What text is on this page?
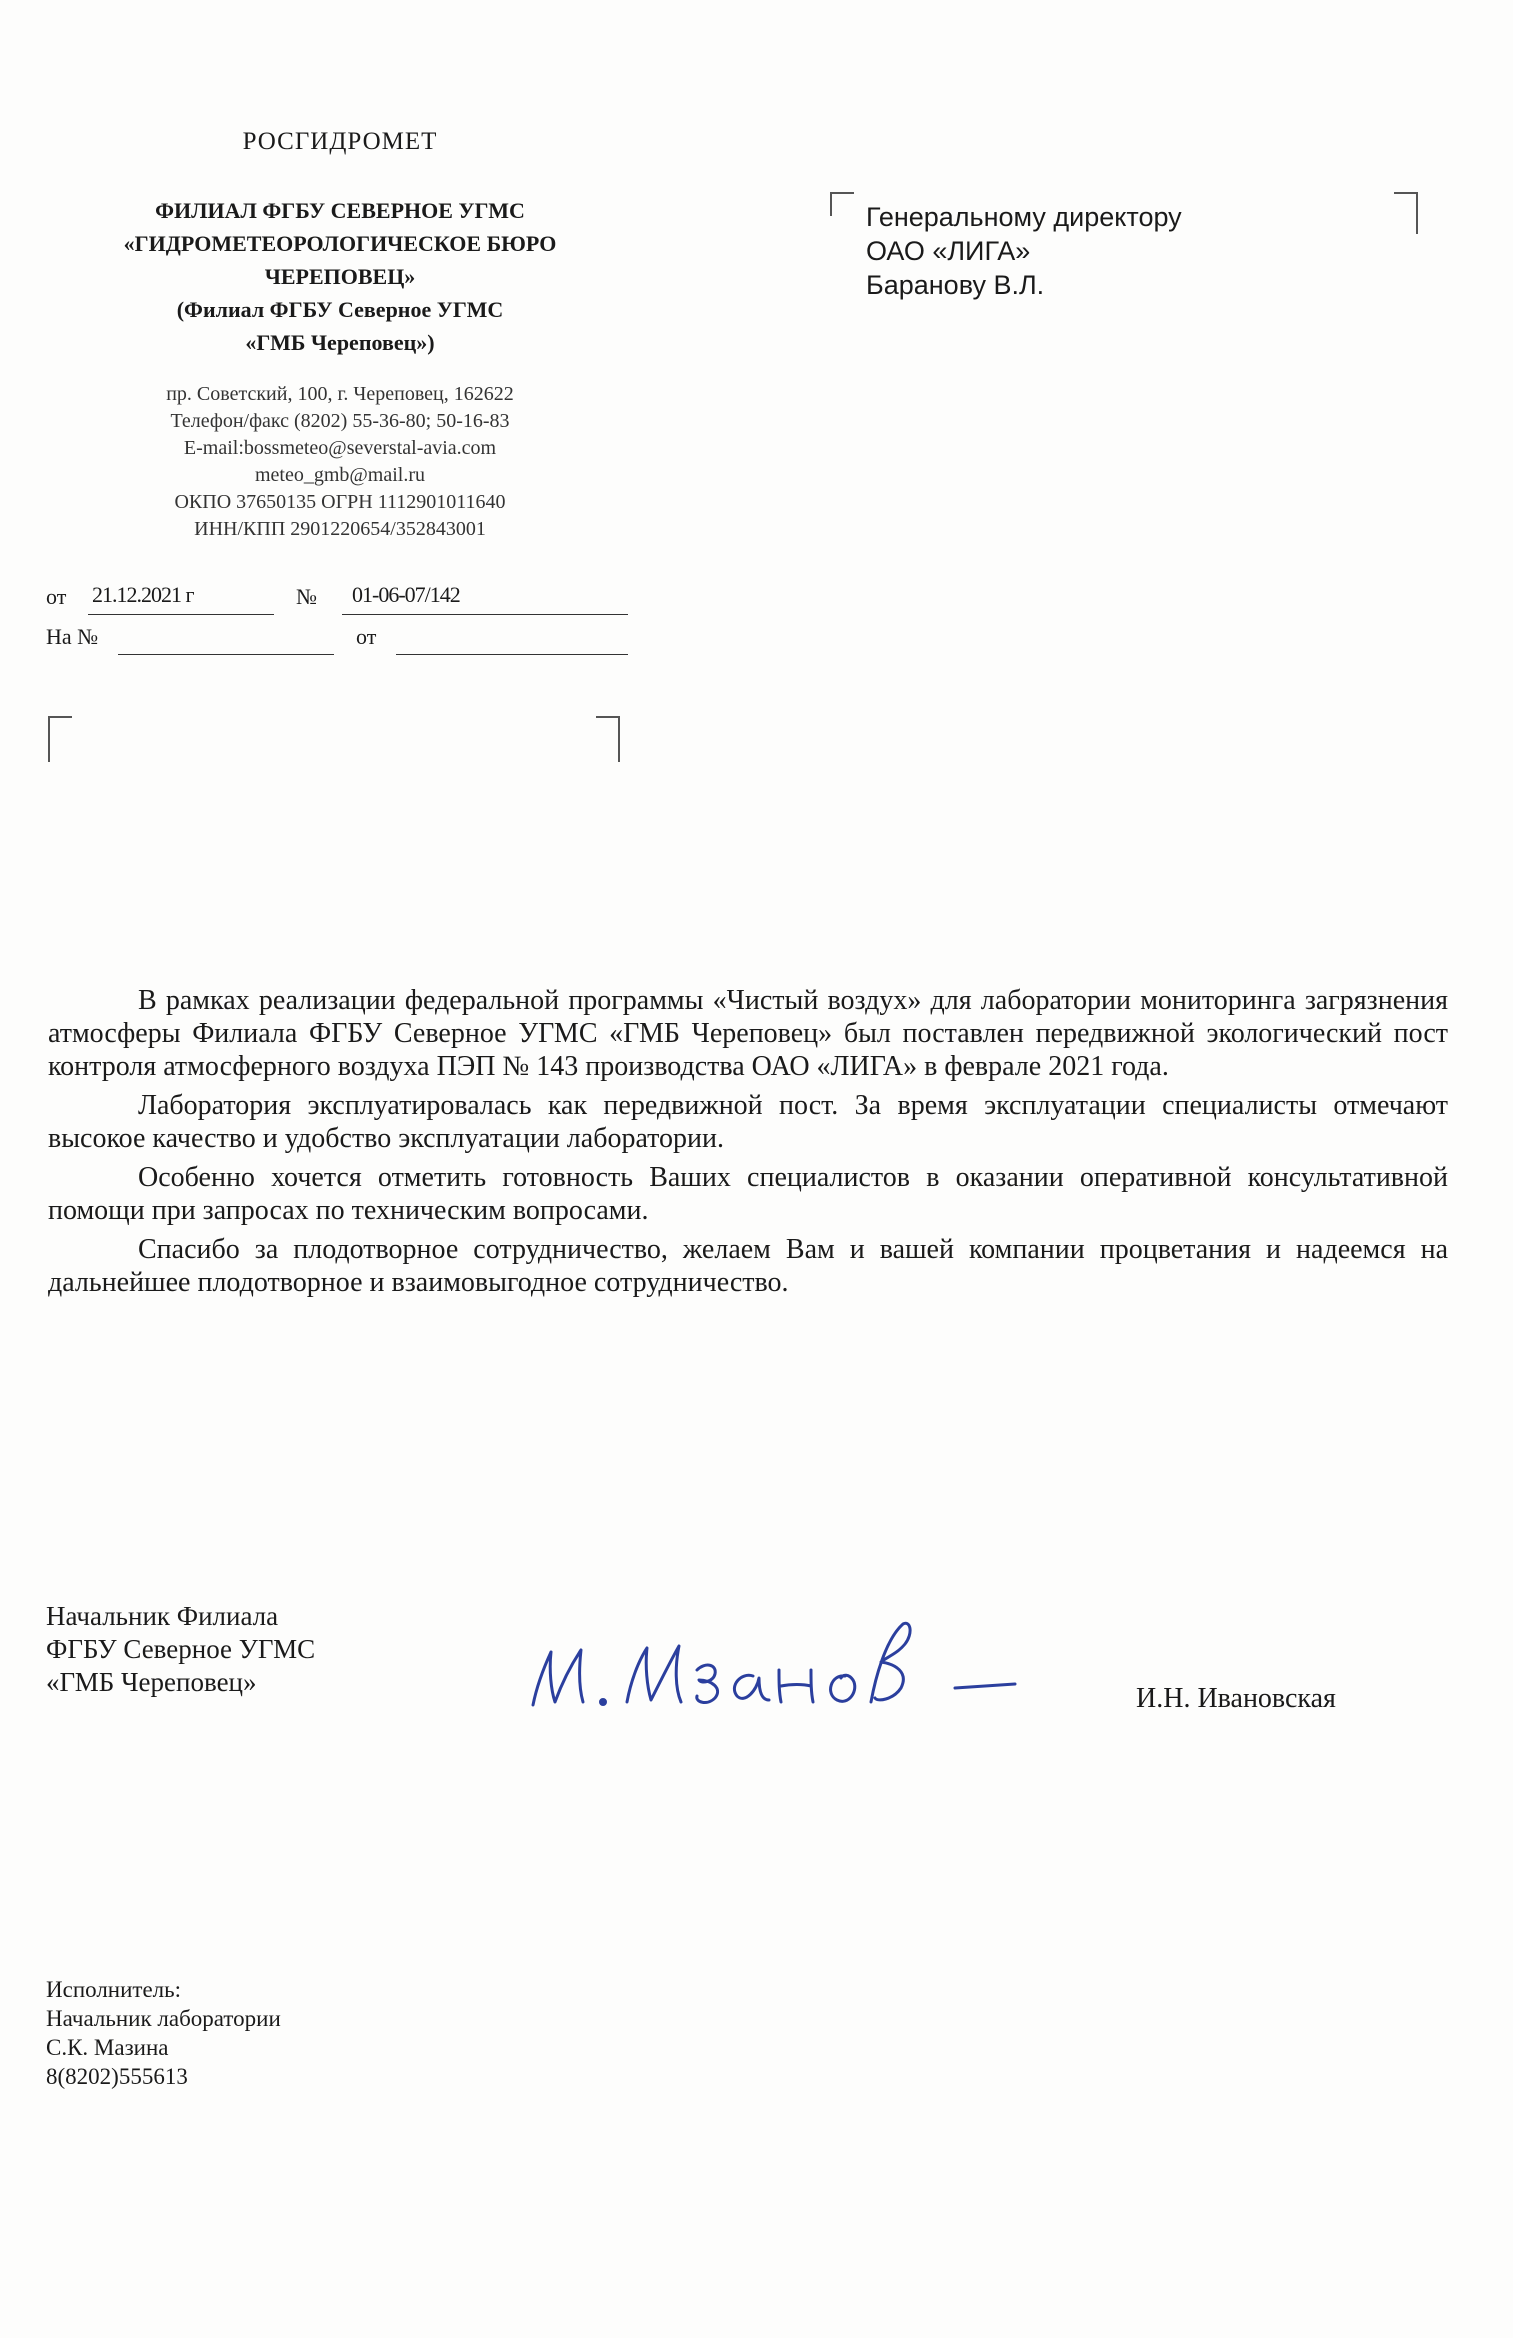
РОСГИДРОМЕТ
ФИЛИАЛ ФГБУ СЕВЕРНОЕ УГМС
«ГИДРОМЕТЕОРОЛОГИЧЕСКОЕ БЮРО
ЧЕРЕПОВЕЦ»
(Филиал ФГБУ Северное УГМС
«ГМБ Череповец»)
пр. Советский, 100, г. Череповец, 162622
Телефон/факс (8202) 55-36-80; 50-16-83
E-mail:bossmeteo@severstal-avia.com
meteo_gmb@mail.ru
ОКПО 37650135 ОГРН 1112901011640
ИНН/КПП 2901220654/352843001
от 21.12.2021 г	№ 01-06-07/142
На №	от
Генеральному директору
ОАО «ЛИГА»
Баранову В.Л.

В рамках реализации федеральной программы «Чистый воздух» для лаборатории мониторинга загрязнения атмосферы Филиала ФГБУ Северное УГМС «ГМБ Череповец» был поставлен передвижной экологический пост контроля атмосферного воздуха ПЭП № 143 производства ОАО «ЛИГА» в феврале 2021 года.

Лаборатория эксплуатировалась как передвижной пост. За время эксплуатации специалисты отмечают высокое качество и удобство эксплуатации лаборатории.

Особенно хочется отметить готовность Ваших специалистов в оказании оперативной консультативной помощи при запросах по техническим вопросами.

Спасибо за плодотворное сотрудничество, желаем Вам и вашей компании процветания и надеемся на дальнейшее плодотворное и взаимовыгодное сотрудничество.

Начальник Филиала
ФГБУ Северное УГМС
«ГМБ Череповец»
И.Н. Ивановская
Исполнитель:
Начальник лаборатории
С.К. Мазина
8(8202)555613
